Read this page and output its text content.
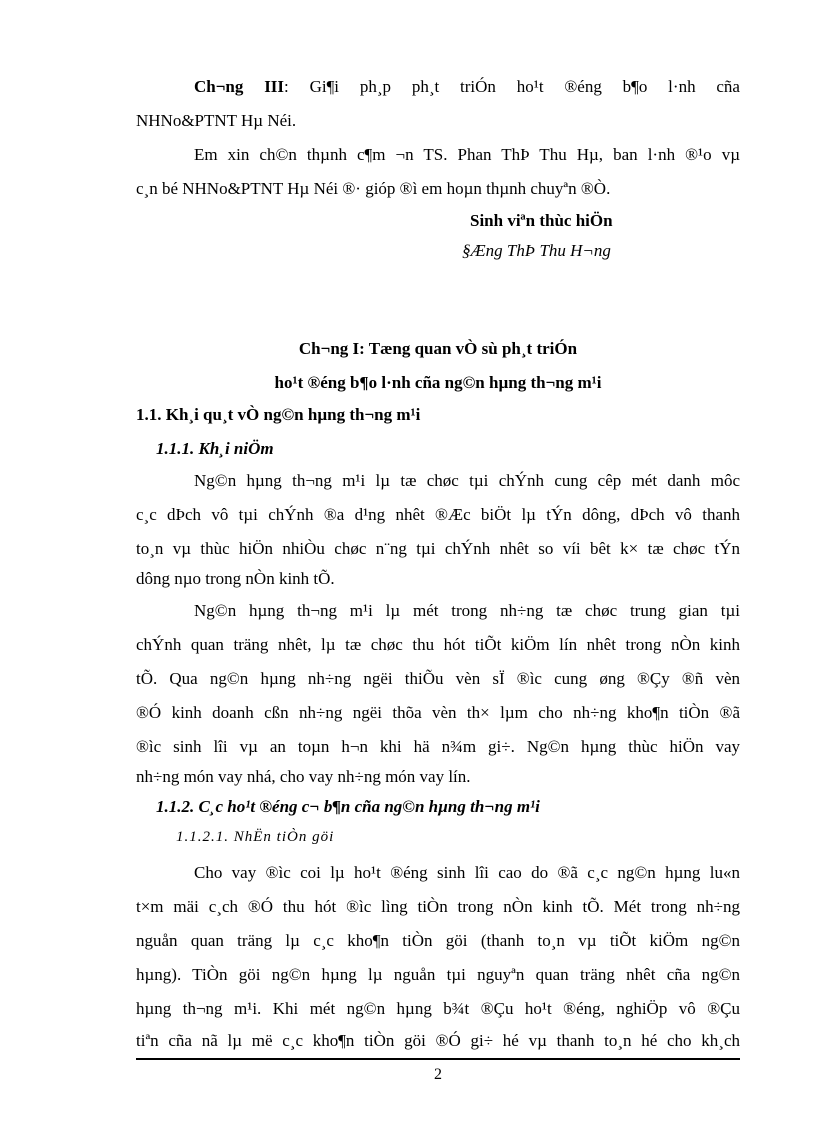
Ch¬ng III: Gi¶i ph¸p ph¸t triÓn ho¹t ®éng b¶o l·nh cña
NHNo&PTNT Hµ Néi.
Em xin ch©n thµnh c¶m ¬n TS. Phan ThÞ Thu Hµ, ban l·nh ®¹o vµ
c¸n bé NHNo&PTNT Hµ Néi ®· gióp ®ì em hoµn thµnh chuyªn ®Ò.
Sinh viªn thùc hiÖn
§Æng ThÞ Thu H¬ng
Ch¬ng I: Tæng quan vÒ sù ph¸t triÓn
ho¹t ®éng b¶o l·nh cña ng©n hµng th¬ng m¹i
1.1. Kh¸i qu¸t vÒ ng©n hµng th¬ng m¹i
1.1.1. Kh¸i niÖm
Ng©n hµng th¬ng m¹i lµ tæ chøc tµi chÝnh cung cêp mét danh môc
c¸c dÞch vô tµi chÝnh ®a d¹ng nhêt ®Æc biÖt lµ tÝn dông, dÞch vô thanh
to¸n vµ thùc hiÖn nhiÒu chøc n¨ng tµi chÝnh nhêt so víi bêt k× tæ chøc tÝn
dông nµo trong nÒn kinh tÕ.
Ng©n hµng th¬ng m¹i lµ mét trong nh÷ng tæ chøc trung gian tµi
chÝnh quan träng nhêt, lµ tæ chøc thu hót tiÕt kiÖm lín nhêt trong nÒn kinh
tÕ. Qua ng©n hµng nh÷ng ngëi thiÕu vèn sÏ ®ìc cung øng ®Çy ®ñ vèn
®Ó kinh doanh cßn nh÷ng ngëi thõa vèn th× lµm cho nh÷ng kho¶n tiÒn ®ã
®ìc sinh lîi vµ an toµn h¬n khi hä n¾m gi÷. Ng©n hµng thùc hiÖn vay
nh÷ng món vay nhá, cho vay nh÷ng món vay lín.
1.1.2. C¸c ho¹t ®éng c¬ b¶n cña ng©n hµng th¬ng m¹i
1.1.2.1. NhËn tiÒn göi
Cho vay ®ìc coi lµ ho¹t ®éng sinh lîi cao do ®ã c¸c ng©n hµng lu«n
t×m mäi c¸ch ®Ó thu hót ®ìc lìng tiÒn trong nÒn kinh tÕ. Mét trong nh÷ng
nguån quan träng lµ c¸c kho¶n tiÒn göi (thanh to¸n vµ tiÕt kiÖm ng©n
hµng). TiÒn göi ng©n hµng lµ nguån tµi nguyªn quan träng nhêt cña ng©n
hµng th¬ng m¹i. Khi mét ng©n hµng b¾t ®Çu ho¹t ®éng, nghiÖp vô ®Çu
tiªn cña nã lµ më c¸c kho¶n tiÒn göi ®Ó gi÷ hé vµ thanh to¸n hé cho kh¸ch
2
